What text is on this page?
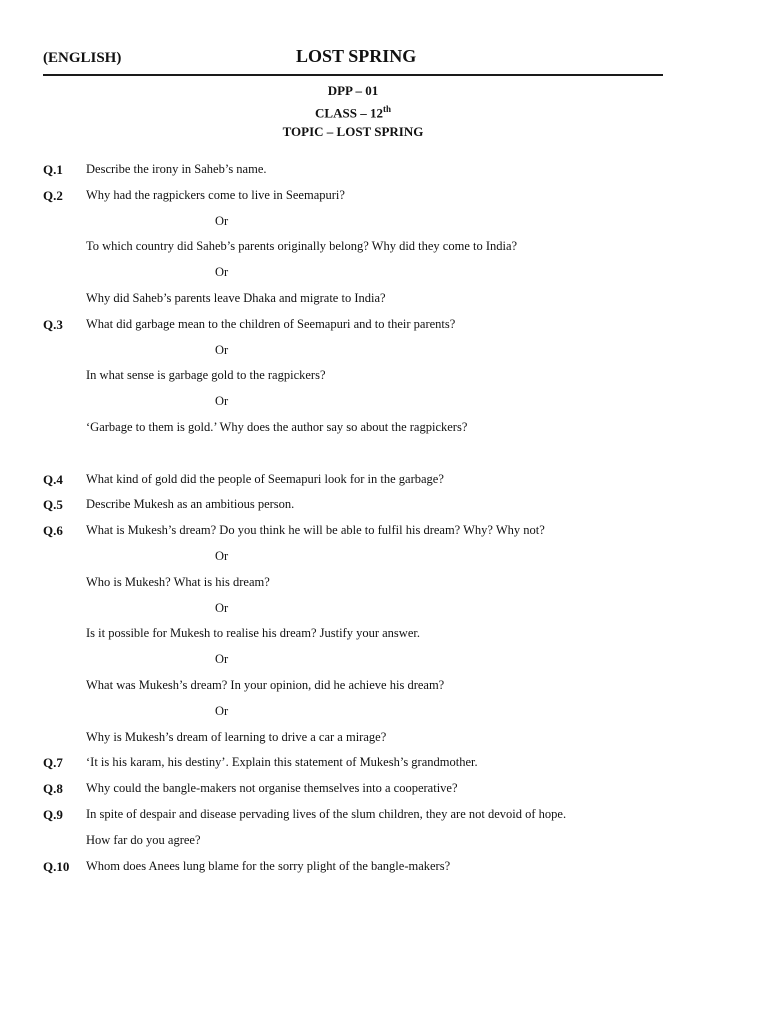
(ENGLISH)	LOST SPRING
DPP – 01
CLASS – 12th
TOPIC – LOST SPRING
Q.1 Describe the irony in Saheb’s name.
Q.2 Why had the ragpickers come to live in Seemapuri?
Or
To which country did Saheb’s parents originally belong? Why did they come to India?
Or
Why did Saheb’s parents leave Dhaka and migrate to India?
Q.3 What did garbage mean to the children of Seemapuri and to their parents?
Or
In what sense is garbage gold to the ragpickers?
Or
‘Garbage to them is gold.’ Why does the author say so about the ragpickers?
Q.4 What kind of gold did the people of Seemapuri look for in the garbage?
Q.5 Describe Mukesh as an ambitious person.
Q.6 What is Mukesh’s dream? Do you think he will be able to fulfil his dream? Why? Why not?
Or
Who is Mukesh? What is his dream?
Or
Is it possible for Mukesh to realise his dream? Justify your answer.
Or
What was Mukesh’s dream? In your opinion, did he achieve his dream?
Or
Why is Mukesh’s dream of learning to drive a car a mirage?
Q.7 ‘It is his karam, his destiny’. Explain this statement of Mukesh’s grandmother.
Q.8 Why could the bangle-makers not organise themselves into a cooperative?
Q.9 In spite of despair and disease pervading lives of the slum children, they are not devoid of hope.
How far do you agree?
Q.10 Whom does Anees lung blame for the sorry plight of the bangle-makers?
